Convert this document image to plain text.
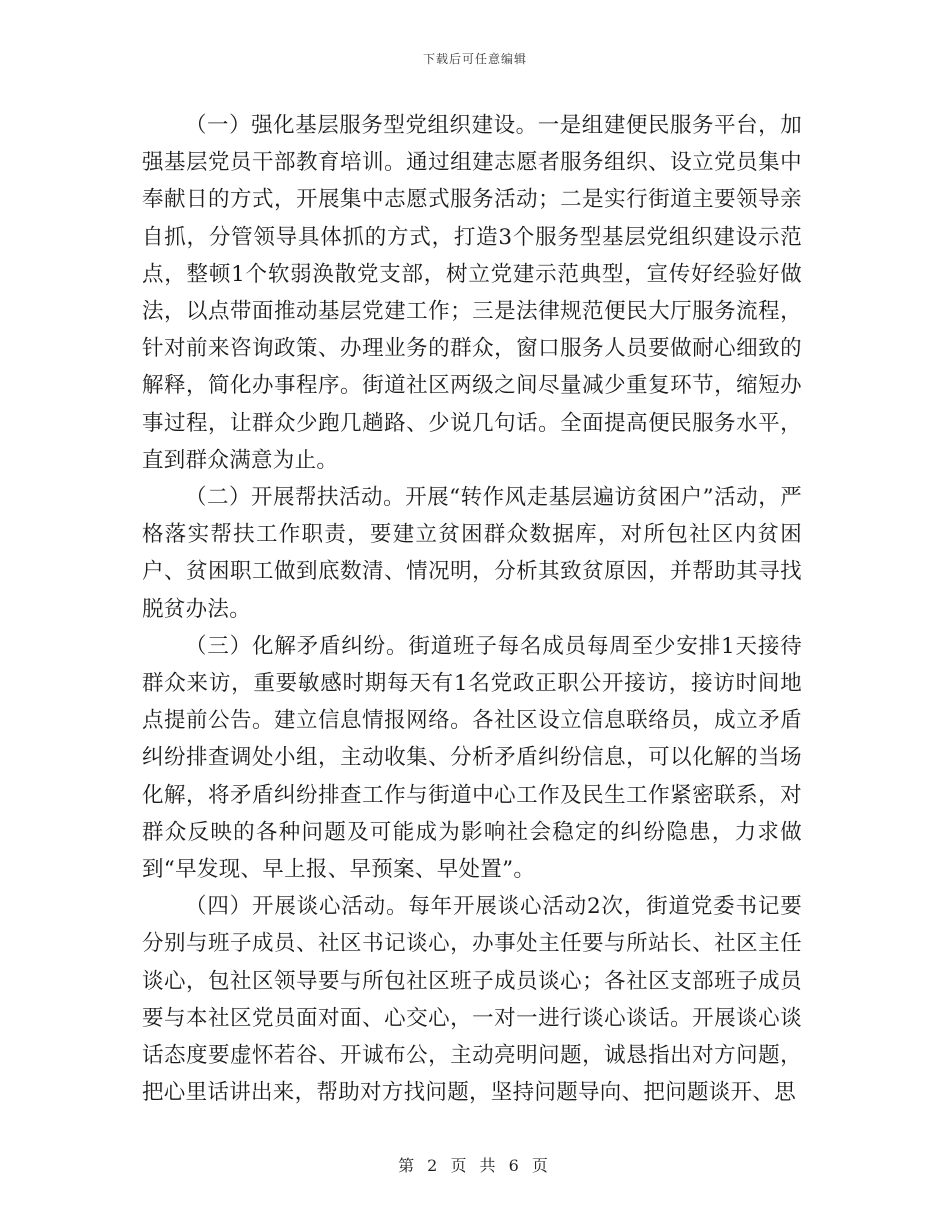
下载后可任意编辑

（一）强化基层服务型党组织建设。一是组建便民服务平台，加强基层党员干部教育培训。通过组建志愿者服务组织、设立党员集中奉献日的方式，开展集中志愿式服务活动；二是实行街道主要领导亲自抓，分管领导具体抓的方式，打造3个服务型基层党组织建设示范点，整顿1个软弱涣散党支部，树立党建示范典型，宣传好经验好做法，以点带面推动基层党建工作；三是法律规范便民大厅服务流程，针对前来咨询政策、办理业务的群众，窗口服务人员要做耐心细致的解释，简化办事程序。街道社区两级之间尽量减少重复环节，缩短办事过程，让群众少跑几趟路、少说几句话。全面提高便民服务水平，直到群众满意为止。

（二）开展帮扶活动。开展“转作风走基层遍访贫困户”活动，严格落实帮扶工作职责，要建立贫困群众数据库，对所包社区内贫困户、贫困职工做到底数清、情况明，分析其致贫原因，并帮助其寻找脱贫办法。

（三）化解矛盾纠纷。街道班子每名成员每周至少安排1天接待群众来访，重要敏感时期每天有1名党政正职公开接访，接访时间地点提前公告。建立信息情报网络。各社区设立信息联络员，成立矛盾纠纷排查调处小组，主动收集、分析矛盾纠纷信息，可以化解的当场化解，将矛盾纠纷排查工作与街道中心工作及民生工作紧密联系，对群众反映的各种问题及可能成为影响社会稳定的纠纷隐患，力求做到“早发现、早上报、早预案、早处置”。

（四）开展谈心活动。每年开展谈心活动2次，街道党委书记要分别与班子成员、社区书记谈心，办事处主任要与所站长、社区主任谈心，包社区领导要与所包社区班子成员谈心；各社区支部班子成员要与本社区党员面对面、心交心，一对一进行谈心谈话。开展谈心谈话态度要虚怀若谷、开诚布公，主动亮明问题，诚恳指出对方问题，把心里话讲出来，帮助对方找问题，坚持问题导向、把问题谈开、思

第 2 页 共 6 页
